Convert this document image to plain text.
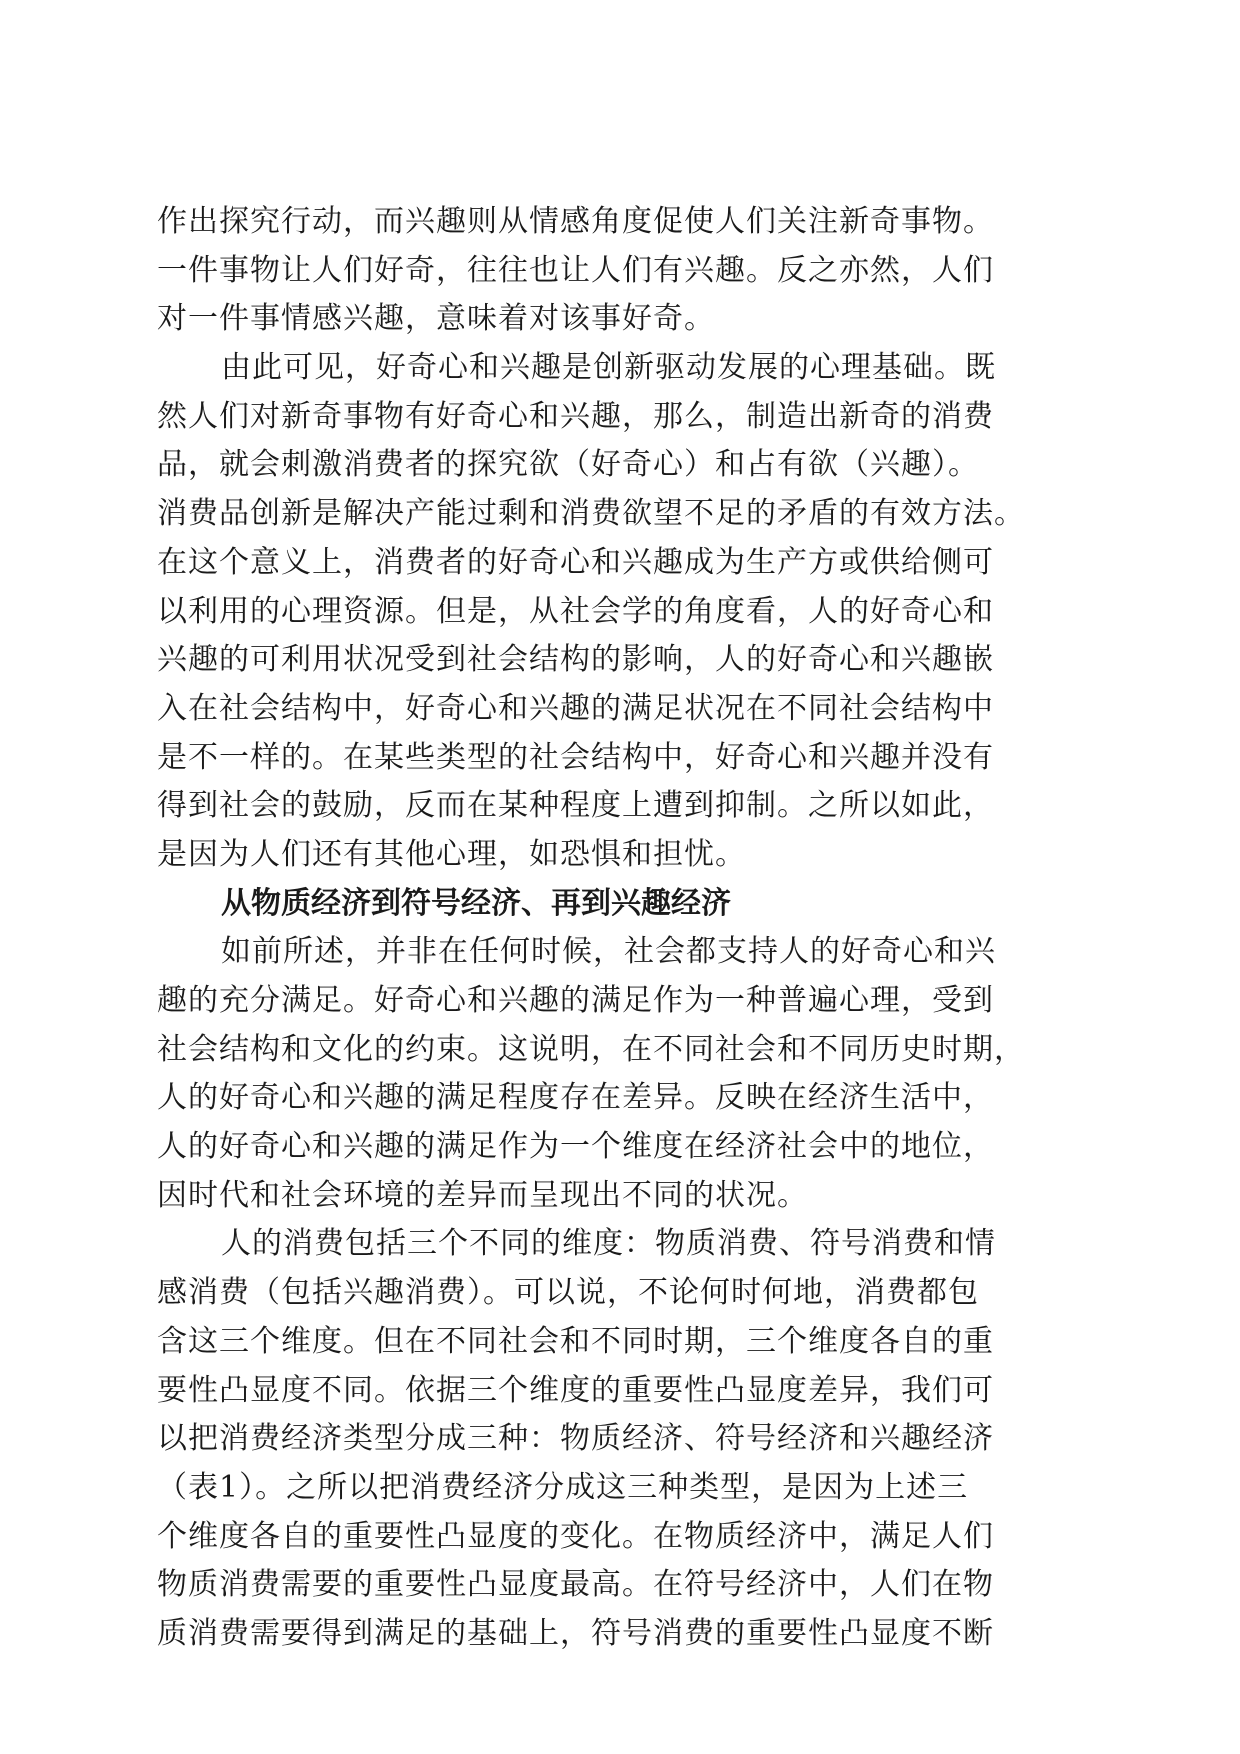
作出探究行动，而兴趣则从情感角度促使人们关注新奇事物。
一件事物让人们好奇，往往也让人们有兴趣。反之亦然，人们
对一件事情感兴趣，意味着对该事好奇。
由此可见，好奇心和兴趣是创新驱动发展的心理基础。既
然人们对新奇事物有好奇心和兴趣，那么，制造出新奇的消费
品，就会刺激消费者的探究欲（好奇心）和占有欲（兴趣）。
消费品创新是解决产能过剩和消费欲望不足的矛盾的有效方法。
在这个意义上，消费者的好奇心和兴趣成为生产方或供给侧可
以利用的心理资源。但是，从社会学的角度看，人的好奇心和
兴趣的可利用状况受到社会结构的影响，人的好奇心和兴趣嵌
入在社会结构中，好奇心和兴趣的满足状况在不同社会结构中
是不一样的。在某些类型的社会结构中，好奇心和兴趣并没有
得到社会的鼓励，反而在某种程度上遭到抑制。之所以如此，
是因为人们还有其他心理，如恐惧和担忧。
从物质经济到符号经济、再到兴趣经济
如前所述，并非在任何时候，社会都支持人的好奇心和兴
趣的充分满足。好奇心和兴趣的满足作为一种普遍心理，受到
社会结构和文化的约束。这说明，在不同社会和不同历史时期，
人的好奇心和兴趣的满足程度存在差异。反映在经济生活中，
人的好奇心和兴趣的满足作为一个维度在经济社会中的地位，
因时代和社会环境的差异而呈现出不同的状况。
人的消费包括三个不同的维度：物质消费、符号消费和情
感消费（包括兴趣消费）。可以说，不论何时何地，消费都包
含这三个维度。但在不同社会和不同时期，三个维度各自的重
要性凸显度不同。依据三个维度的重要性凸显度差异，我们可
以把消费经济类型分成三种：物质经济、符号经济和兴趣经济
（表1）。之所以把消费经济分成这三种类型，是因为上述三
个维度各自的重要性凸显度的变化。在物质经济中，满足人们
物质消费需要的重要性凸显度最高。在符号经济中，人们在物
质消费需要得到满足的基础上，符号消费的重要性凸显度不断
